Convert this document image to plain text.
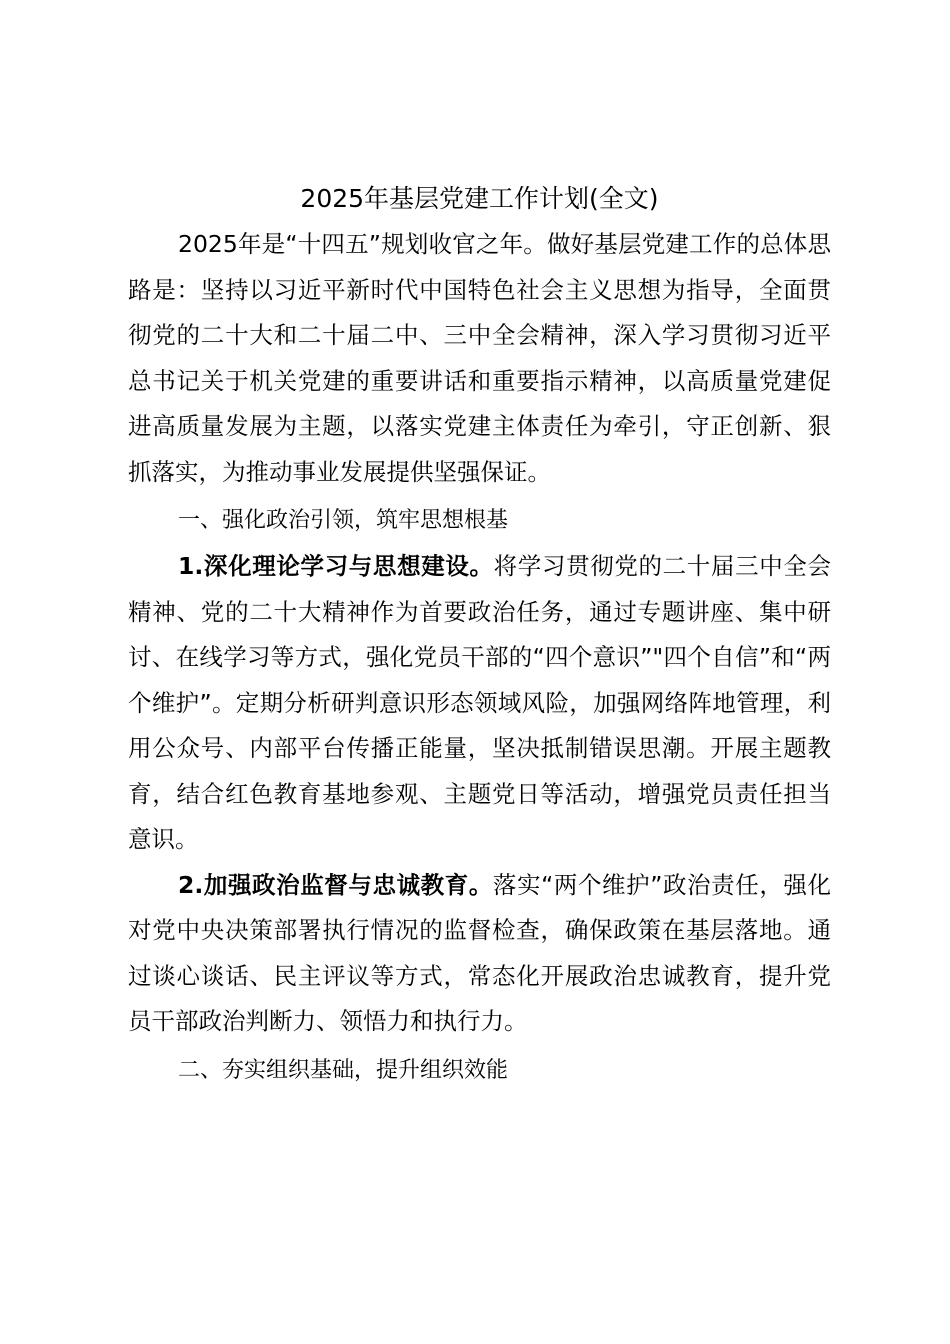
2025年基层党建工作计划(全文)

2025年是“十四五”规划收官之年。做好基层党建工作的总体思路是：坚持以习近平新时代中国特色社会主义思想为指导，全面贯彻党的二十大和二十届二中、三中全会精神，深入学习贯彻习近平总书记关于机关党建的重要讲话和重要指示精神，以高质量党建促进高质量发展为主题，以落实党建主体责任为牵引，守正创新、狠抓落实，为推动事业发展提供坚强保证。

一、强化政治引领，筑牢思想根基

1.深化理论学习与思想建设。将学习贯彻党的二十届三中全会精神、党的二十大精神作为首要政治任务，通过专题讲座、集中研讨、在线学习等方式，强化党员干部的“四个意识”"四个自信”和“两个维护”。定期分析研判意识形态领域风险，加强网络阵地管理，利用公众号、内部平台传播正能量，坚决抵制错误思潮。开展主题教育，结合红色教育基地参观、主题党日等活动，增强党员责任担当意识。

2.加强政治监督与忠诚教育。落实“两个维护”政治责任，强化对党中央决策部署执行情况的监督检查，确保政策在基层落地。通过谈心谈话、民主评议等方式，常态化开展政治忠诚教育，提升党员干部政治判断力、领悟力和执行力。

二、夯实组织基础，提升组织效能
